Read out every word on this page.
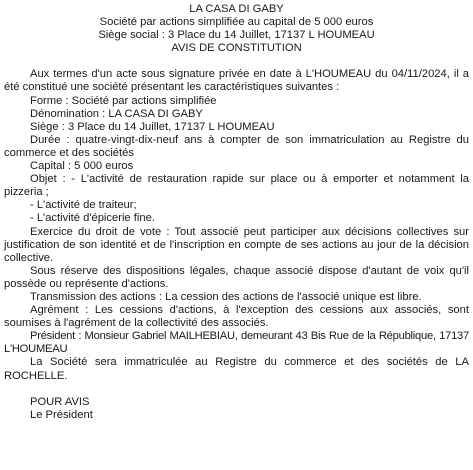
LA CASA DI GABY
Société par actions simplifiée au capital de 5 000 euros
Siège social : 3 Place du 14 Juillet, 17137 L HOUMEAU
AVIS DE CONSTITUTION

Aux termes d'un acte sous signature privée en date à L'HOUMEAU du 04/11/2024, il a été constitué une société présentant les caractéristiques suivantes :

Forme : Société par actions simplifiée

Dénomination : LA CASA DI GABY

Siège : 3 Place du 14 Juillet, 17137 L HOUMEAU

Durée : quatre-vingt-dix-neuf ans à compter de son immatriculation au Registre du commerce et des sociétés

Capital : 5 000 euros

Objet : - L'activité de restauration rapide sur place ou à emporter et notamment la pizzeria ;

- L'activité de traiteur;

- L'activité d'épicerie fine.

Exercice du droit de vote : Tout associé peut participer aux décisions collectives sur justification de son identité et de l'inscription en compte de ses actions au jour de la décision collective.

Sous réserve des dispositions légales, chaque associé dispose d'autant de voix qu'il possède ou représente d'actions.

Transmission des actions : La cession des actions de l'associé unique est libre.

Agrément : Les cessions d'actions, à l'exception des cessions aux associés, sont soumises à l'agrément de la collectivité des associés.

Président : Monsieur Gabriel MAILHEBIAU, demeurant 43 Bis Rue de la République, 17137 L'HOUMEAU

La Société sera immatriculée au Registre du commerce et des sociétés de LA ROCHELLE.

POUR AVIS

Le Président
